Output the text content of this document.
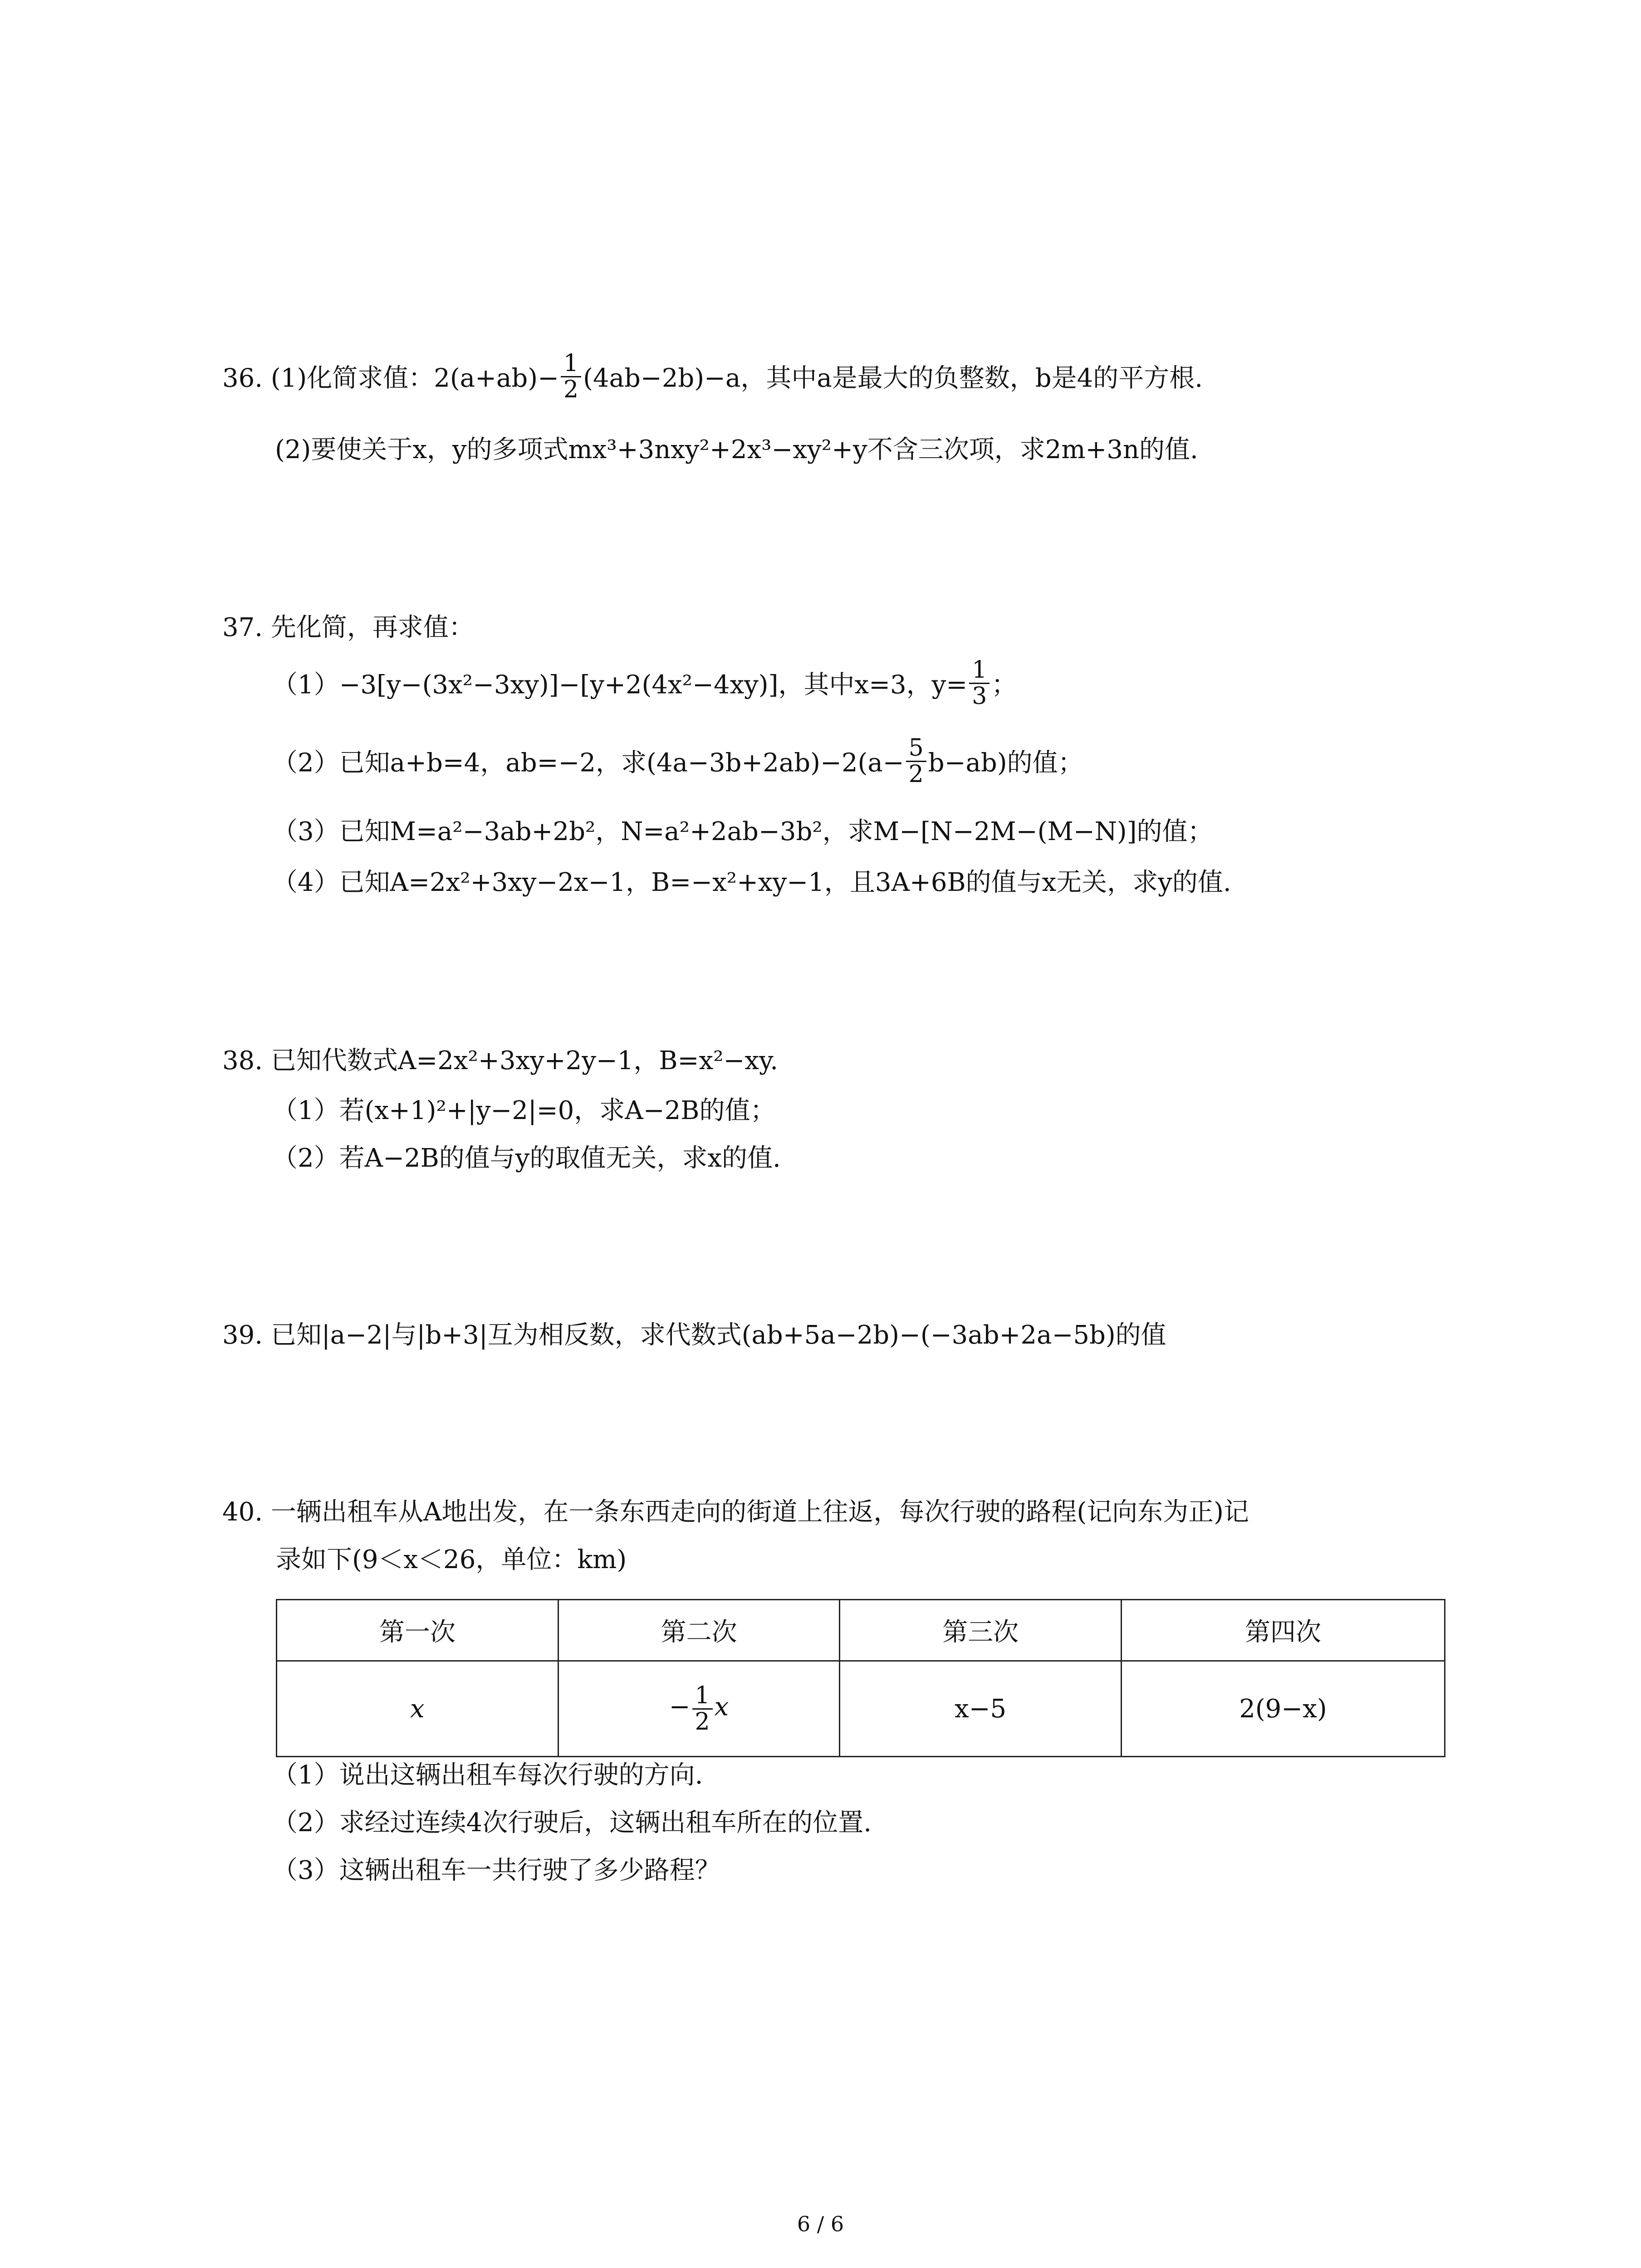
36. (1)化简求值：$2(a+ab)- \frac{1}{2} (4ab-2b)-a$，其中a是最大的负整数，b是4的平方根.
(2)要使关于x，y的多项式mx³+3nxy²+2x³−xy²+y不含三次项，求2m+3n的值.
37. 先化简，再求值：
（1）−3[y−(3x²−3xy)]−[y+2(4x²−4xy)]，其中x=3，$y= \frac{1}{3}$ ；
（2）已知a+b=4，ab=−2，求$(4a-3b+2ab)-2(a- \frac{5}{2} b-ab)$的值；
（3）已知M=a²−3ab+2b²，N=a²+2ab−3b²，求M−[N−2M−(M−N)]的值；
（4）已知A=2x²+3xy−2x−1，B=−x²+xy−1，且3A+6B的值与x无关，求y的值.
38. 已知代数式A=2x²+3xy+2y−1，B=x²−xy.
（1）若(x+1)²+|y−2|=0，求A−2B的值；
（2）若A−2B的值与y的取值无关，求x的值.
39. 已知|a−2|与|b+3|互为相反数，求代数式(ab+5a−2b)−(−3ab+2a−5b)的值
40. 一辆出租车从A地出发，在一条东西走向的街道上往返，每次行驶的路程(记向东为正)记
录如下(9＜x＜26，单位：km)
第一次	第二次	第三次	第四次
x	− $\frac{1}{2}$ x	x−5	2(9−x)
（1）说出这辆出租车每次行驶的方向.
（2）求经过连续4次行驶后，这辆出租车所在的位置.
（3）这辆出租车一共行驶了多少路程？
6 / 6
